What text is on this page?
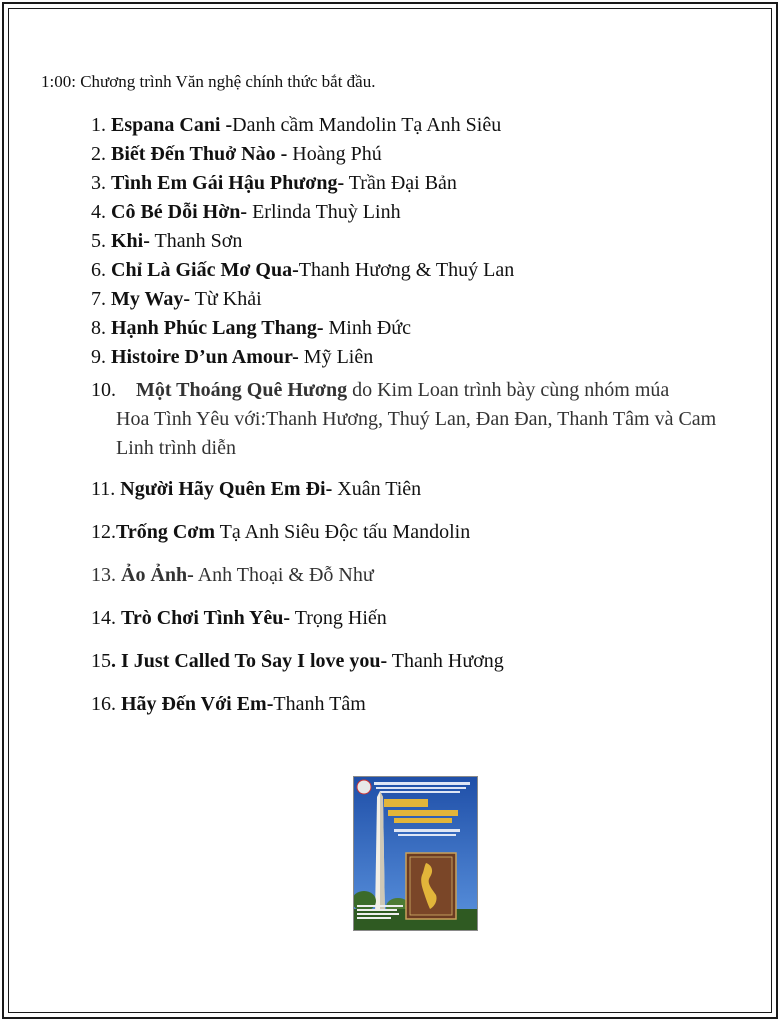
1:00: Chương trình Văn nghệ chính thức bắt đầu.
1. Espana Cani -Danh cầm Mandolin Tạ Anh Siêu
2. Biết Đến Thuở Nào - Hoàng Phú
3. Tình Em Gái Hậu Phương- Trần Đại Bản
4. Cô Bé Dỗi Hờn- Erlinda Thuỳ Linh
5. Khi- Thanh Sơn
6. Chỉ Là Giấc Mơ Qua-Thanh Hương & Thuý Lan
7. My Way- Từ Khải
8. Hạnh Phúc Lang Thang- Minh Đức
9. Histoire D’un Amour- Mỹ Liên
10. Một Thoáng Quê Hương do Kim Loan trình bày cùng nhóm múa
Hoa Tình Yêu với:Thanh Hương, Thuý Lan, Đan Đan, Thanh Tâm và Cam Linh trình diễn
11. Người Hãy Quên Em Đi- Xuân Tiên
12.Trống Cơm Tạ Anh Siêu Độc tấu Mandolin
13. Ảo Ảnh- Anh Thoại & Đỗ Như
14. Trò Chơi Tình Yêu- Trọng Hiến
15. I Just Called To Say I love you- Thanh Hương
16. Hãy Đến Với Em-Thanh Tâm
